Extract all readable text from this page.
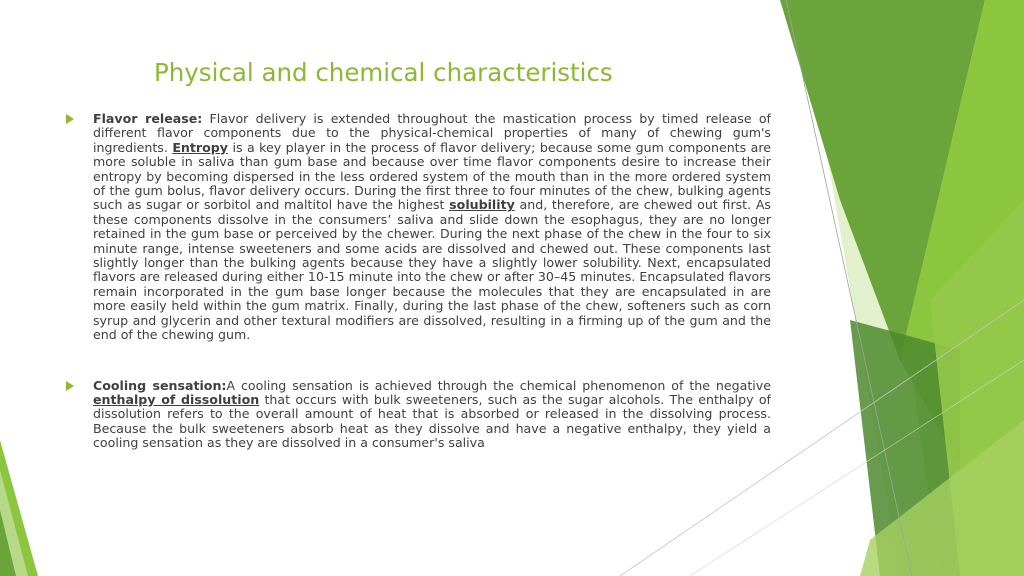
Physical and chemical characteristics
Flavor release: Flavor delivery is extended throughout the mastication process by timed release of different flavor components due to the physical-chemical properties of many of chewing gum's ingredients. Entropy is a key player in the process of flavor delivery; because some gum components are more soluble in saliva than gum base and because over time flavor components desire to increase their entropy by becoming dispersed in the less ordered system of the mouth than in the more ordered system of the gum bolus, flavor delivery occurs. During the first three to four minutes of the chew, bulking agents such as sugar or sorbitol and maltitol have the highest solubility and, therefore, are chewed out first. As these components dissolve in the consumers’ saliva and slide down the esophagus, they are no longer retained in the gum base or perceived by the chewer. During the next phase of the chew in the four to six minute range, intense sweeteners and some acids are dissolved and chewed out. These components last slightly longer than the bulking agents because they have a slightly lower solubility. Next, encapsulated flavors are released during either 10-15 minute into the chew or after 30–45 minutes. Encapsulated flavors remain incorporated in the gum base longer because the molecules that they are encapsulated in are more easily held within the gum matrix. Finally, during the last phase of the chew, softeners such as corn syrup and glycerin and other textural modifiers are dissolved, resulting in a firming up of the gum and the end of the chewing gum.
Cooling sensation:A cooling sensation is achieved through the chemical phenomenon of the negative enthalpy of dissolution that occurs with bulk sweeteners, such as the sugar alcohols. The enthalpy of dissolution refers to the overall amount of heat that is absorbed or released in the dissolving process. Because the bulk sweeteners absorb heat as they dissolve and have a negative enthalpy, they yield a cooling sensation as they are dissolved in a consumer's saliva
